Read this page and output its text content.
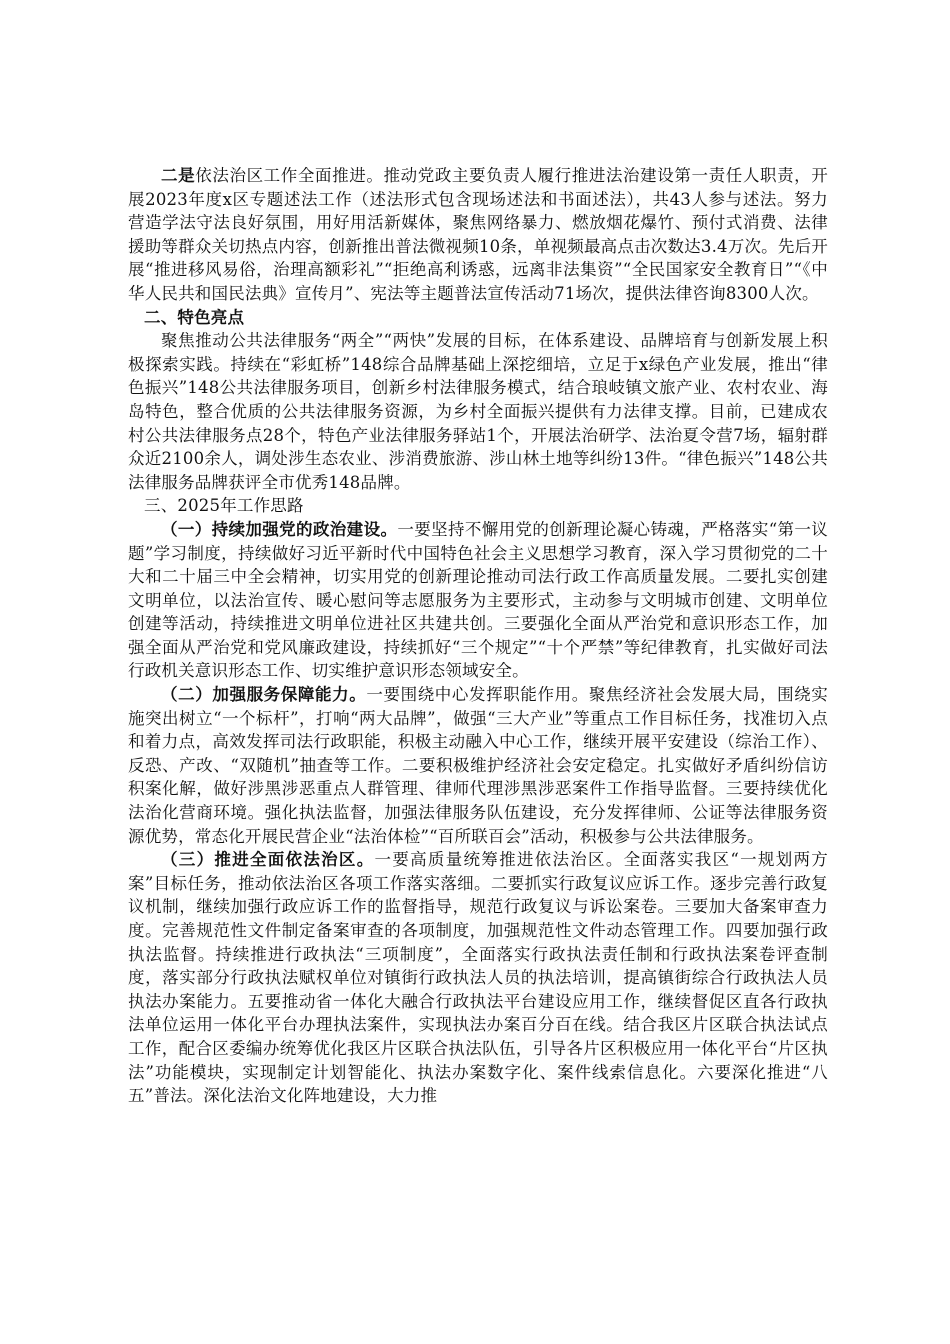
二是依法治区工作全面推进。推动党政主要负责人履行推进法治建设第一责任人职责，开展2023年度x区专题述法工作（述法形式包含现场述法和书面述法），共43人参与述法。努力营造学法守法良好氛围，用好用活新媒体，聚焦网络暴力、燃放烟花爆竹、预付式消费、法律援助等群众关切热点内容，创新推出普法微视频10条，单视频最高点击次数达3.4万次。先后开展“推进移风易俗，治理高额彩礼”“拒绝高利诱惑，远离非法集资”“全民国家安全教育日”“《中华人民共和国民法典》宣传月”、宪法等主题普法宣传活动71场次，提供法律咨询8300人次。

二、特色亮点

聚焦推动公共法律服务“两全”“两快”发展的目标，在体系建设、品牌培育与创新发展上积极探索实践。持续在“彩虹桥”148综合品牌基础上深挖细培，立足于x绿色产业发展，推出“律色振兴”148公共法律服务项目，创新乡村法律服务模式，结合琅岐镇文旅产业、农村农业、海岛特色，整合优质的公共法律服务资源，为乡村全面振兴提供有力法律支撑。目前，已建成农村公共法律服务点28个，特色产业法律服务驿站1个，开展法治研学、法治夏令营7场，辐射群众近2100余人，调处涉生态农业、涉消费旅游、涉山林土地等纠纷13件。“律色振兴”148公共法律服务品牌获评全市优秀148品牌。

三、2025年工作思路

（一）持续加强党的政治建设。一要坚持不懈用党的创新理论凝心铸魂，严格落实“第一议题”学习制度，持续做好习近平新时代中国特色社会主义思想学习教育，深入学习贯彻党的二十大和二十届三中全会精神，切实用党的创新理论推动司法行政工作高质量发展。二要扎实创建文明单位，以法治宣传、暖心慰问等志愿服务为主要形式，主动参与文明城市创建、文明单位创建等活动，持续推进文明单位进社区共建共创。三要强化全面从严治党和意识形态工作，加强全面从严治党和党风廉政建设，持续抓好“三个规定”“十个严禁”等纪律教育，扎实做好司法行政机关意识形态工作、切实维护意识形态领域安全。

（二）加强服务保障能力。一要围绕中心发挥职能作用。聚焦经济社会发展大局，围绕实施突出树立“一个标杆”，打响“两大品牌”，做强“三大产业”等重点工作目标任务，找准切入点和着力点，高效发挥司法行政职能，积极主动融入中心工作，继续开展平安建设（综治工作）、反恐、产改、“双随机”抽查等工作。二要积极维护经济社会安定稳定。扎实做好矛盾纠纷信访积案化解，做好涉黑涉恶重点人群管理、律师代理涉黑涉恶案件工作指导监督。三要持续优化法治化营商环境。强化执法监督，加强法律服务队伍建设，充分发挥律师、公证等法律服务资源优势，常态化开展民营企业“法治体检”“百所联百会”活动，积极参与公共法律服务。

（三）推进全面依法治区。一要高质量统筹推进依法治区。全面落实我区“一规划两方案”目标任务，推动依法治区各项工作落实落细。二要抓实行政复议应诉工作。逐步完善行政复议机制，继续加强行政应诉工作的监督指导，规范行政复议与诉讼案卷。三要加大备案审查力度。完善规范性文件制定备案审查的各项制度，加强规范性文件动态管理工作。四要加强行政执法监督。持续推进行政执法“三项制度”，全面落实行政执法责任制和行政执法案卷评查制度，落实部分行政执法赋权单位对镇街行政执法人员的执法培训，提高镇街综合行政执法人员执法办案能力。五要推动省一体化大融合行政执法平台建设应用工作，继续督促区直各行政执法单位运用一体化平台办理执法案件，实现执法办案百分百在线。结合我区片区联合执法试点工作，配合区委编办统筹优化我区片区联合执法队伍，引导各片区积极应用一体化平台“片区执法”功能模块，实现制定计划智能化、执法办案数字化、案件线索信息化。六要深化推进“八五”普法。深化法治文化阵地建设，大力推
